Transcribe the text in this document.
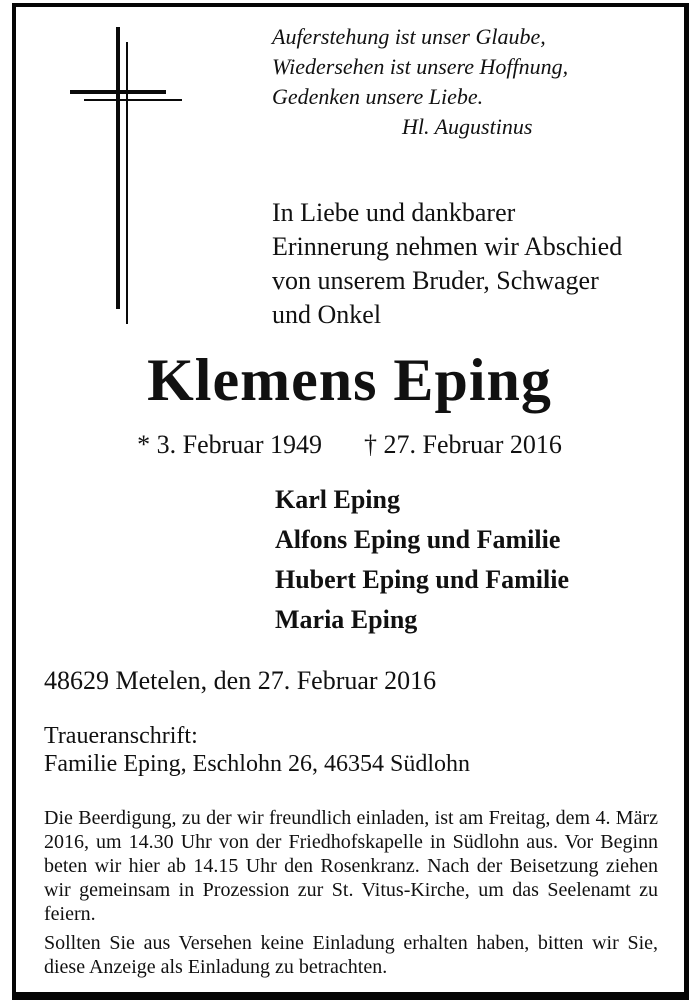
Auferstehung ist unser Glaube,
Wiedersehen ist unsere Hoffnung,
Gedenken unsere Liebe.
Hl. Augustinus
In Liebe und dankbarer
Erinnerung nehmen wir Abschied
von unserem Bruder, Schwager
und Onkel
Klemens Eping
* 3. Februar 1949 † 27. Februar 2016
Karl Eping
Alfons Eping und Familie
Hubert Eping und Familie
Maria Eping
48629 Metelen, den 27. Februar 2016
Traueranschrift:
Familie Eping, Eschlohn 26, 46354 Südlohn
Die Beerdigung, zu der wir freundlich einladen, ist am Freitag, dem 4. März 2016, um 14.30 Uhr von der Friedhofskapelle in Südlohn aus. Vor Beginn beten wir hier ab 14.15 Uhr den Rosenkranz. Nach der Beisetzung ziehen wir gemeinsam in Prozession zur St. Vitus-Kirche, um das Seelenamt zu feiern.
Sollten Sie aus Versehen keine Einladung erhalten haben, bitten wir Sie, diese Anzeige als Einladung zu betrachten.
